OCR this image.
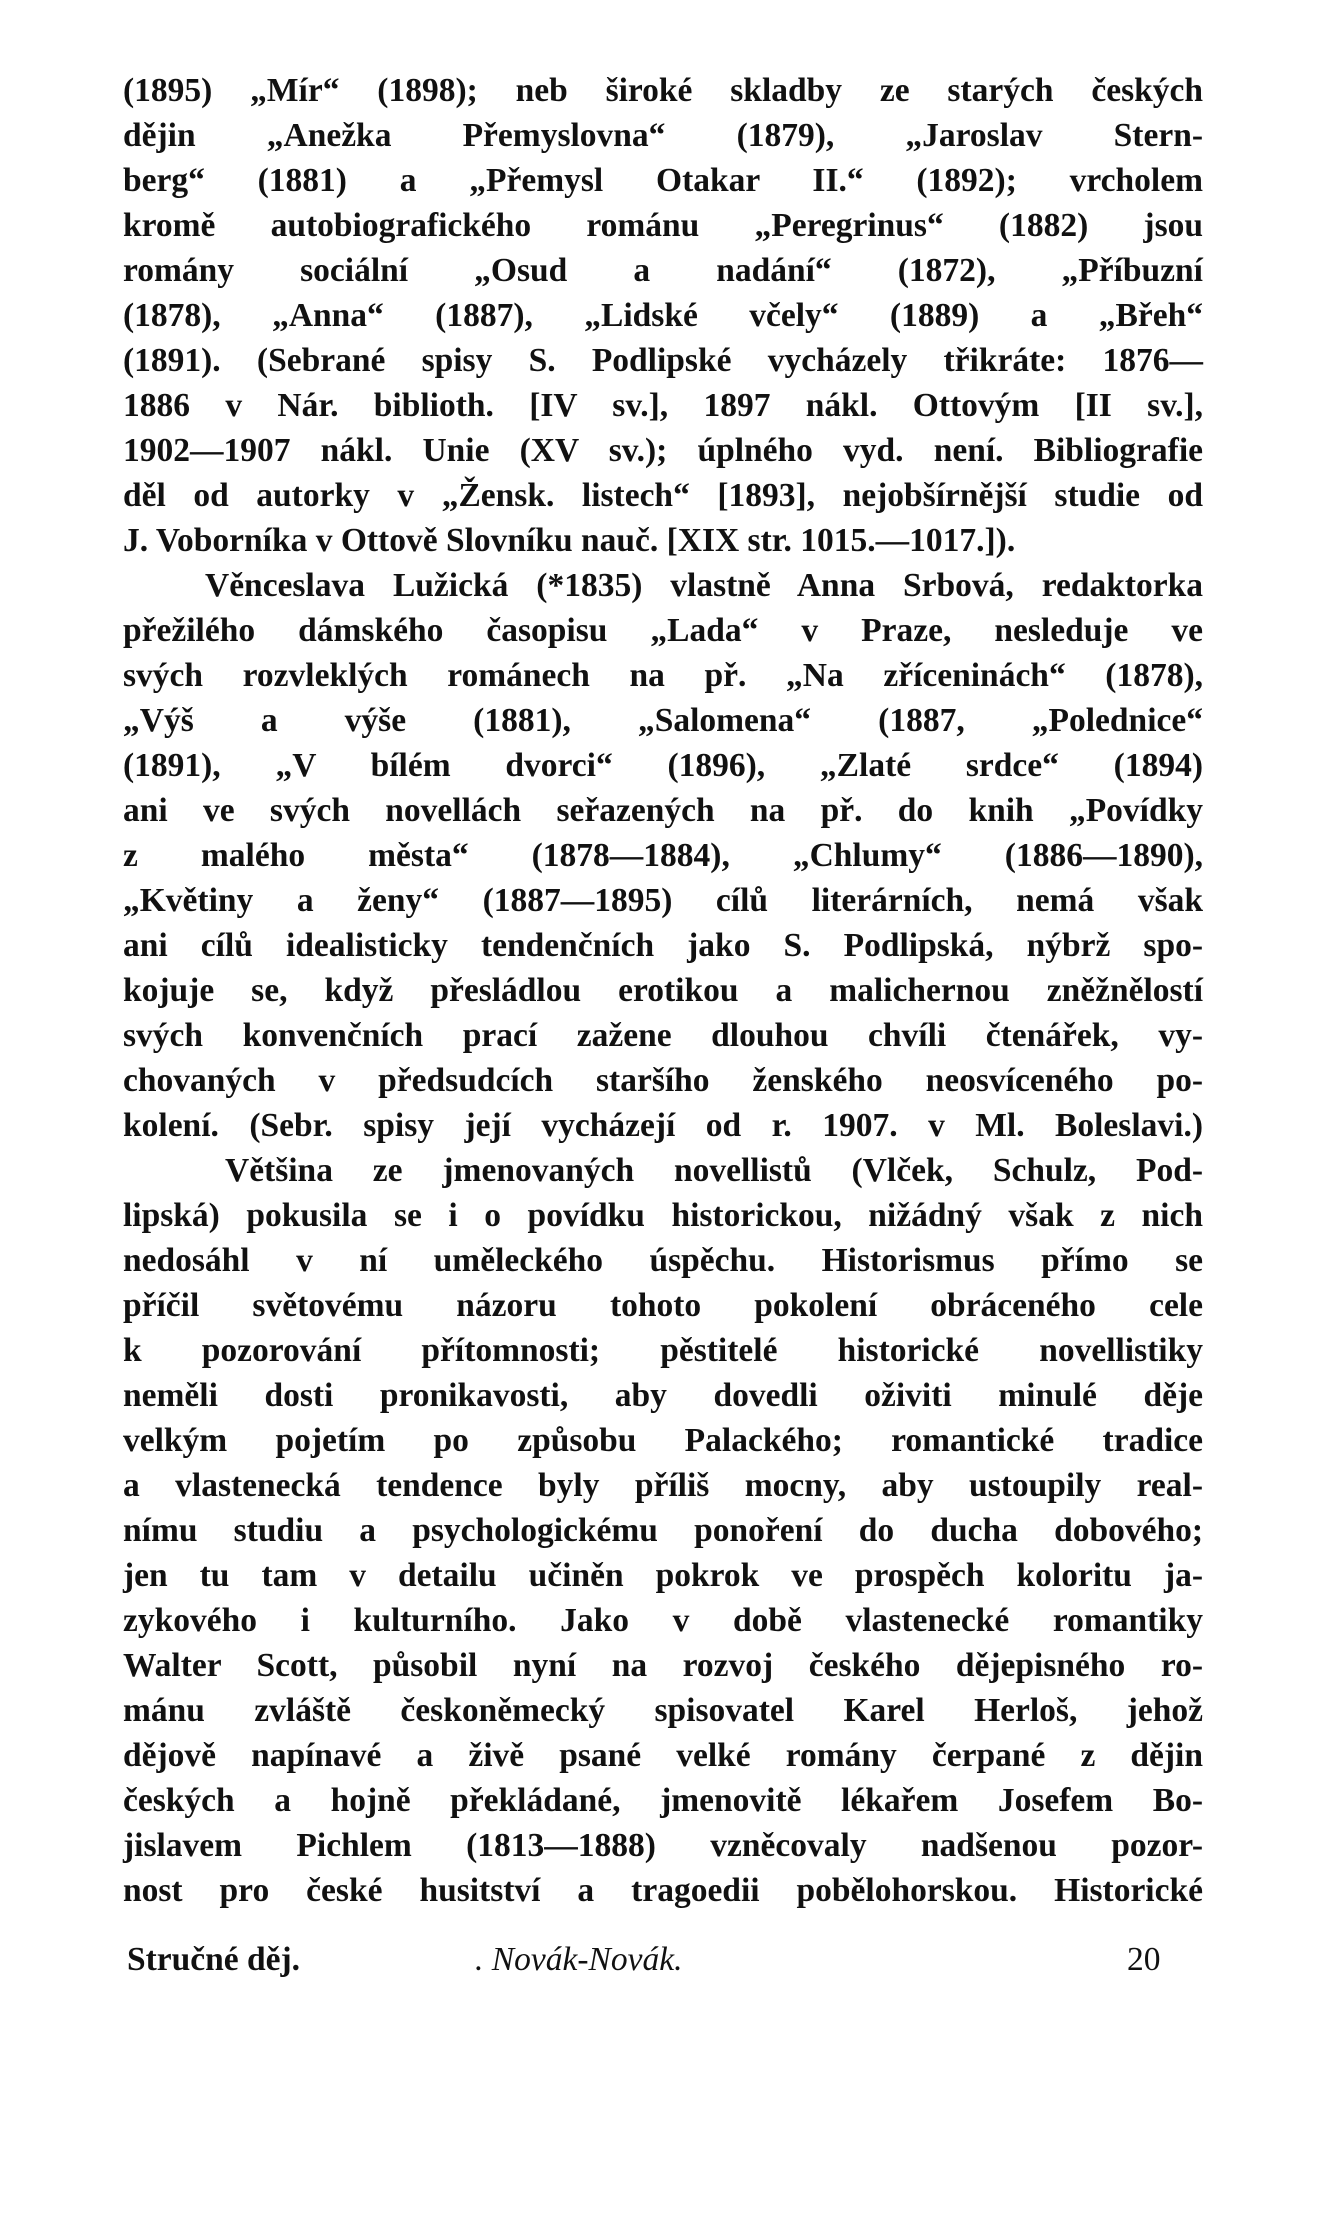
(1895) „Mír“ (1898); neb široké skladby ze starých českých
dějin „Anežka Přemyslovna“ (1879), „Jaroslav Stern-
berg“ (1881) a „Přemysl Otakar II.“ (1892); vrcholem
kromě autobiografického románu „Peregrinus“ (1882) jsou
romány sociální „Osud a nadání“ (1872), „Příbuzní
(1878), „Anna“ (1887), „Lidské včely“ (1889) a „Břeh“
(1891). (Sebrané spisy S. Podlipské vycházely třikráte: 1876—
1886 v Nár. biblioth. [IV sv.], 1897 nákl. Ottovým [II sv.],
1902—1907 nákl. Unie (XV sv.); úplného vyd. není. Bibliografie
děl od autorky v „Žensk. listech“ [1893], nejobšírnější studie od
J. Voborníka v Ottově Slovníku nauč. [XIX str. 1015.—1017.]).
Věnceslava Lužická (*1835) vlastně Anna Srbová, redaktorka
přežilého dámského časopisu „Lada“ v Praze, nesleduje ve
svých rozvleklých románech na př. „Na zříceninách“ (1878),
„Výš a výše (1881), „Salomena“ (1887, „Polednice“
(1891), „V bílém dvorci“ (1896), „Zlaté srdce“ (1894)
ani ve svých novellách seřazených na př. do knih „Povídky
z malého města“ (1878—1884), „Chlumy“ (1886—1890),
„Květiny a ženy“ (1887—1895) cílů literárních, nemá však
ani cílů idealisticky tendenčních jako S. Podlipská, nýbrž spo-
kojuje se, když přesládlou erotikou a malichernou zněžnělostí
svých konvenčních prací zažene dlouhou chvíli čtenářek, vy-
chovaných v předsudcích staršího ženského neosvíceného po-
kolení. (Sebr. spisy její vycházejí od r. 1907. v Ml. Boleslavi.)
Většina ze jmenovaných novellistů (Vlček, Schulz, Pod-
lipská) pokusila se i o povídku historickou, nižádný však z nich
nedosáhl v ní uměleckého úspěchu. Historismus přímo se
příčil světovému názoru tohoto pokolení obráceného cele
k pozorování přítomnosti; pěstitelé historické novellistiky
neměli dosti pronikavosti, aby dovedli oživiti minulé děje
velkým pojetím po způsobu Palackého; romantické tradice
a vlastenecká tendence byly příliš mocny, aby ustoupily real-
nímu studiu a psychologickému ponoření do ducha dobového;
jen tu tam v detailu učiněn pokrok ve prospěch koloritu ja-
zykového i kulturního. Jako v době vlastenecké romantiky
Walter Scott, působil nyní na rozvoj českého dějepisného ro-
mánu zvláště českoněmecký spisovatel Karel Herloš, jehož
dějově napínavé a živě psané velké romány čerpané z dějin
českých a hojně překládané, jmenovitě lékařem Josefem Bo-
jislavem Pichlem (1813—1888) vzněcovaly nadšenou pozor-
nost pro české husitství a tragoedii pobělohorskou. Historické
Stručné děj.	. Novák-Novák.	20
